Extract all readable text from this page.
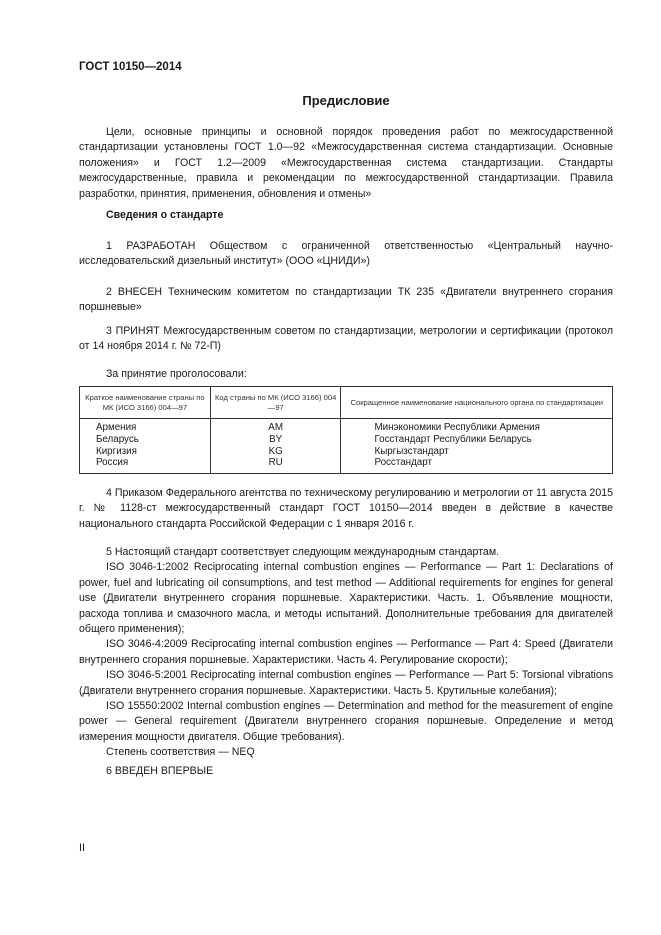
ГОСТ 10150—2014
Предисловие

Цели, основные принципы и основной порядок проведения работ по межгосударственной стандартизации установлены ГОСТ 1.0—92 «Межгосударственная система стандартизации. Основные положения» и ГОСТ 1.2—2009 «Межгосударственная система стандартизации. Стандарты межгосударственные, правила и рекомендации по межгосударственной стандартизации. Правила разработки, принятия, применения, обновления и отмены»

Сведения о стандарте

1 РАЗРАБОТАН Обществом с ограниченной ответственностью «Центральный научно-исследовательский дизельный институт» (ООО «ЦНИДИ»)

2 ВНЕСЕН Техническим комитетом по стандартизации ТК 235 «Двигатели внутреннего сгорания поршневые»

3 ПРИНЯТ Межгосударственным советом по стандартизации, метрологии и сертификации (протокол от 14 ноября 2014 г. № 72-П)

За принятие проголосовали:

Краткое наименование страны по МК (ИСО 3166) 004—97	Код страны по МК (ИСО 3166) 004 —97	Сокращенное наименование национального органа по стандартизации
Армения	AM	Минэкономики Республики Армения
Беларусь	BY	Госстандарт Республики Беларусь
Киргизия	KG	Кыргызстандарт
Россия	RU	Росстандарт

4 Приказом Федерального агентства по техническому регулированию и метрологии от 11 августа 2015 г. № 1128-ст межгосударственный стандарт ГОСТ 10150—2014 введен в действие в качестве национального стандарта Российской Федерации с 1 января 2016 г.

5 Настоящий стандарт соответствует следующим международным стандартам.

ISO 3046-1:2002 Reciprocating internal combustion engines — Performance — Part 1: Declarations of power, fuel and lubricating oil consumptions, and test method — Additional requirements for engines for general use (Двигатели внутреннего сгорания поршневые. Характеристики. Часть. 1. Объявление мощности, расхода топлива и смазочного масла, и методы испытаний. Дополнительные требования для двигателей общего применения);

ISO 3046-4:2009 Reciprocating internal combustion engines — Performance — Part 4: Speed (Двигатели внутреннего сгорания поршневые. Характеристики. Часть 4. Регулирование скорости);

ISO 3046-5:2001 Reciprocating internal combustion engines — Performance — Part 5: Torsional vibrations (Двигатели внутреннего сгорания поршневые. Характеристики. Часть 5. Крутильные колебания);

ISO 15550:2002 Internal combustion engines — Determination and method for the measurement of engine power — General requirement (Двигатели внутреннего сгорания поршневые. Определение и метод измерения мощности двигателя. Общие требования).

Степень соответствия — NEQ

6 ВВЕДЕН ВПЕРВЫЕ

II
